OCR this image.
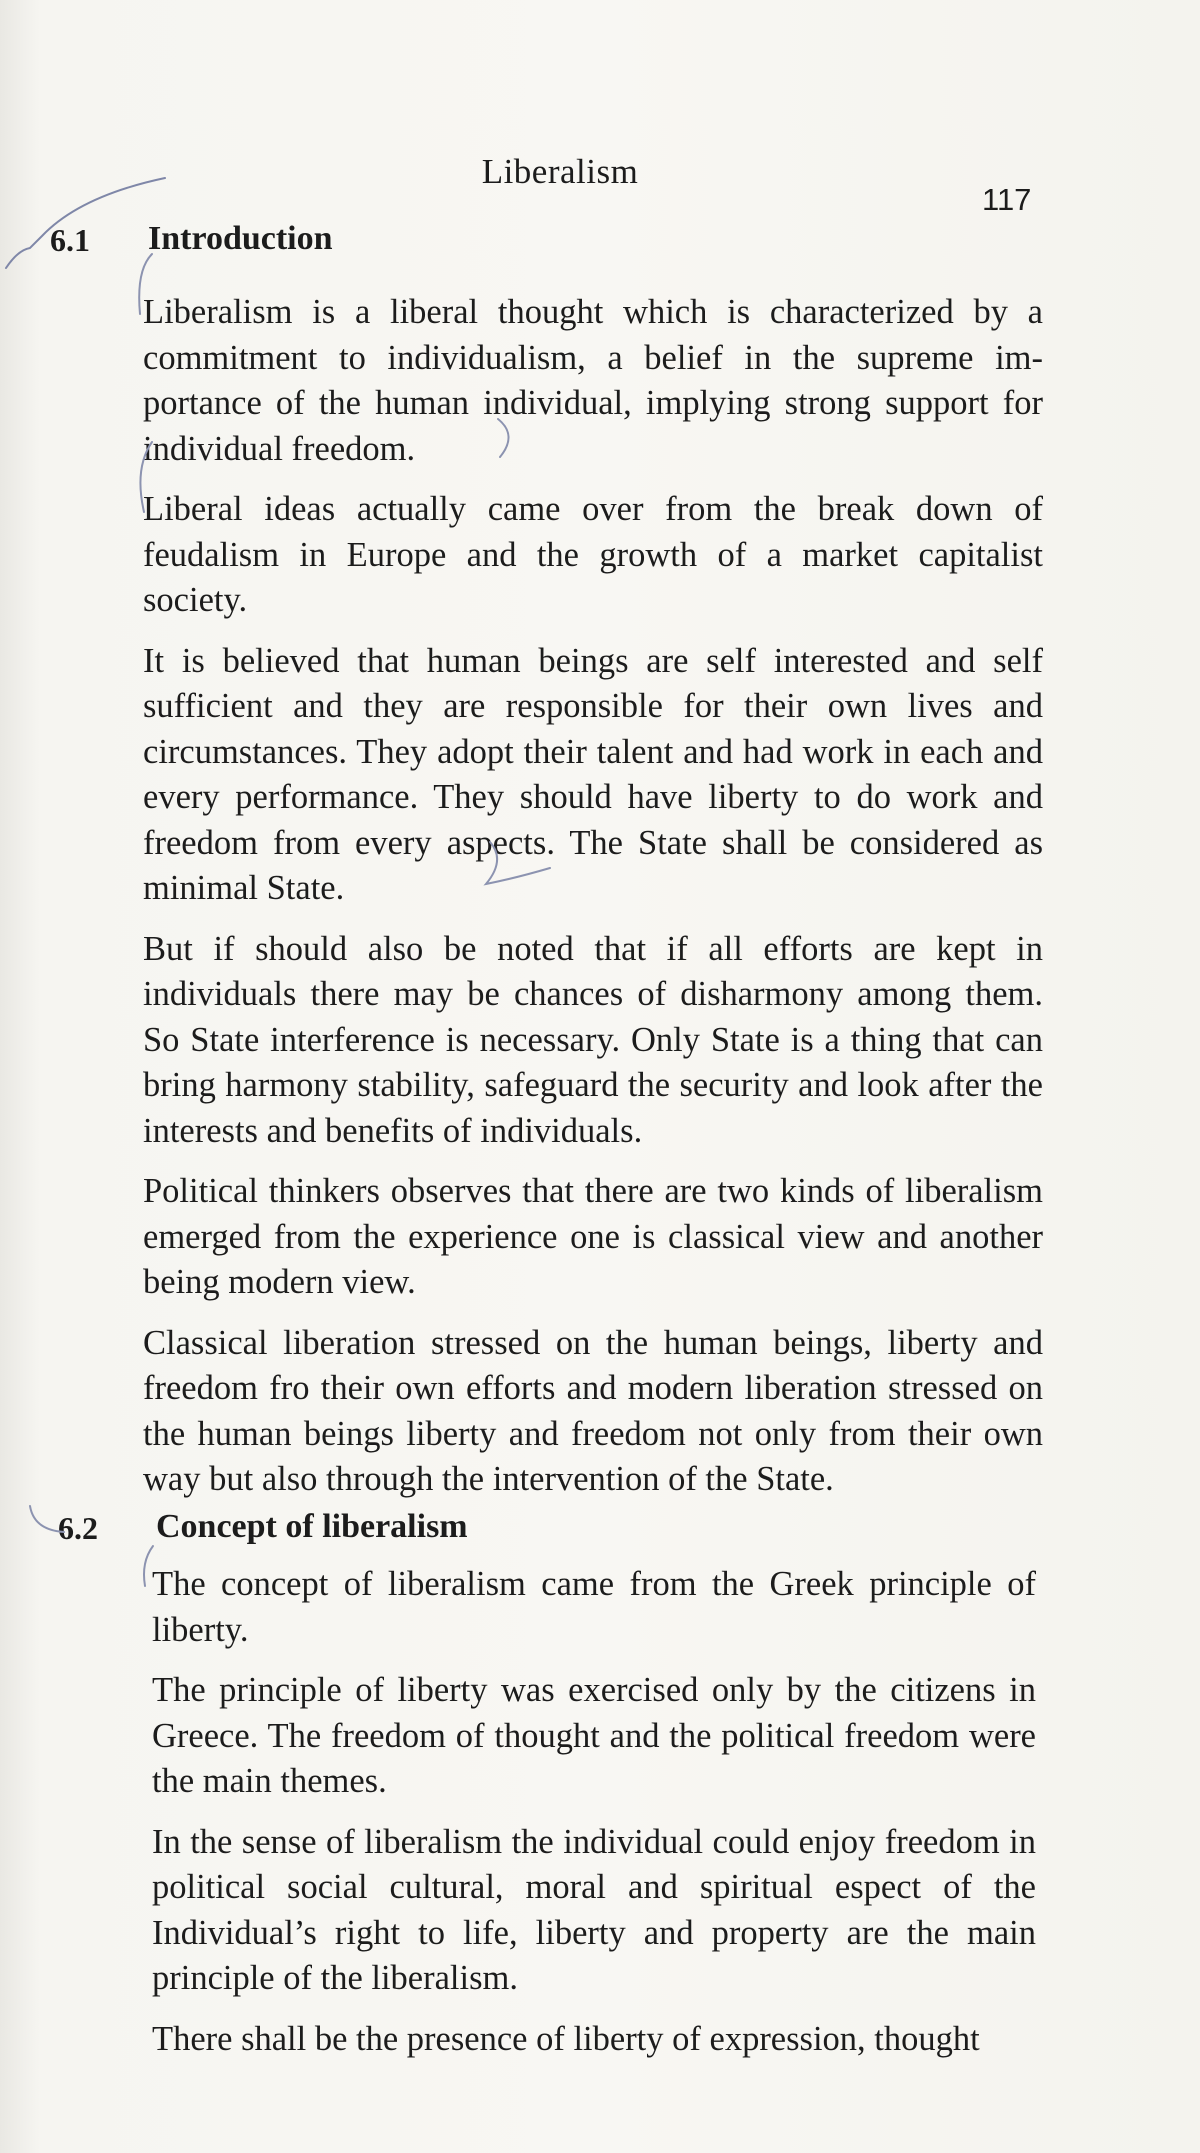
Liberalism
117
6.1 Introduction

Liberalism is a liberal thought which is characterized by a commitment to individualism, a belief in the supreme importance of the human individual, implying strong support for individual freedom.

Liberal ideas actually came over from the break down of feudalism in Europe and the growth of a market capitalist society.

It is believed that human beings are self interested and self sufficient and they are responsible for their own lives and circumstances. They adopt their talent and had work in each and every performance. They should have liberty to do work and freedom from every aspects. The State shall be considered as minimal State.

But if should also be noted that if all efforts are kept in individuals there may be chances of disharmony among them. So State interference is necessary. Only State is a thing that can bring harmony stability, safeguard the security and look after the interests and benefits of individuals.

Political thinkers observes that there are two kinds of liberalism emerged from the experience one is classical view and another being modern view.

Classical liberation stressed on the human beings, liberty and freedom fro their own efforts and modern liberation stressed on the human beings liberty and freedom not only from their own way but also through the intervention of the State.

6.2 Concept of liberalism

The concept of liberalism came from the Greek principle of liberty.

The principle of liberty was exercised only by the citizens in Greece. The freedom of thought and the political freedom were the main themes.

In the sense of liberalism the individual could enjoy freedom in political social cultural, moral and spiritual espect of the Individual’s right to life, liberty and property are the main principle of the liberalism.

There shall be the presence of liberty of expression, thought
